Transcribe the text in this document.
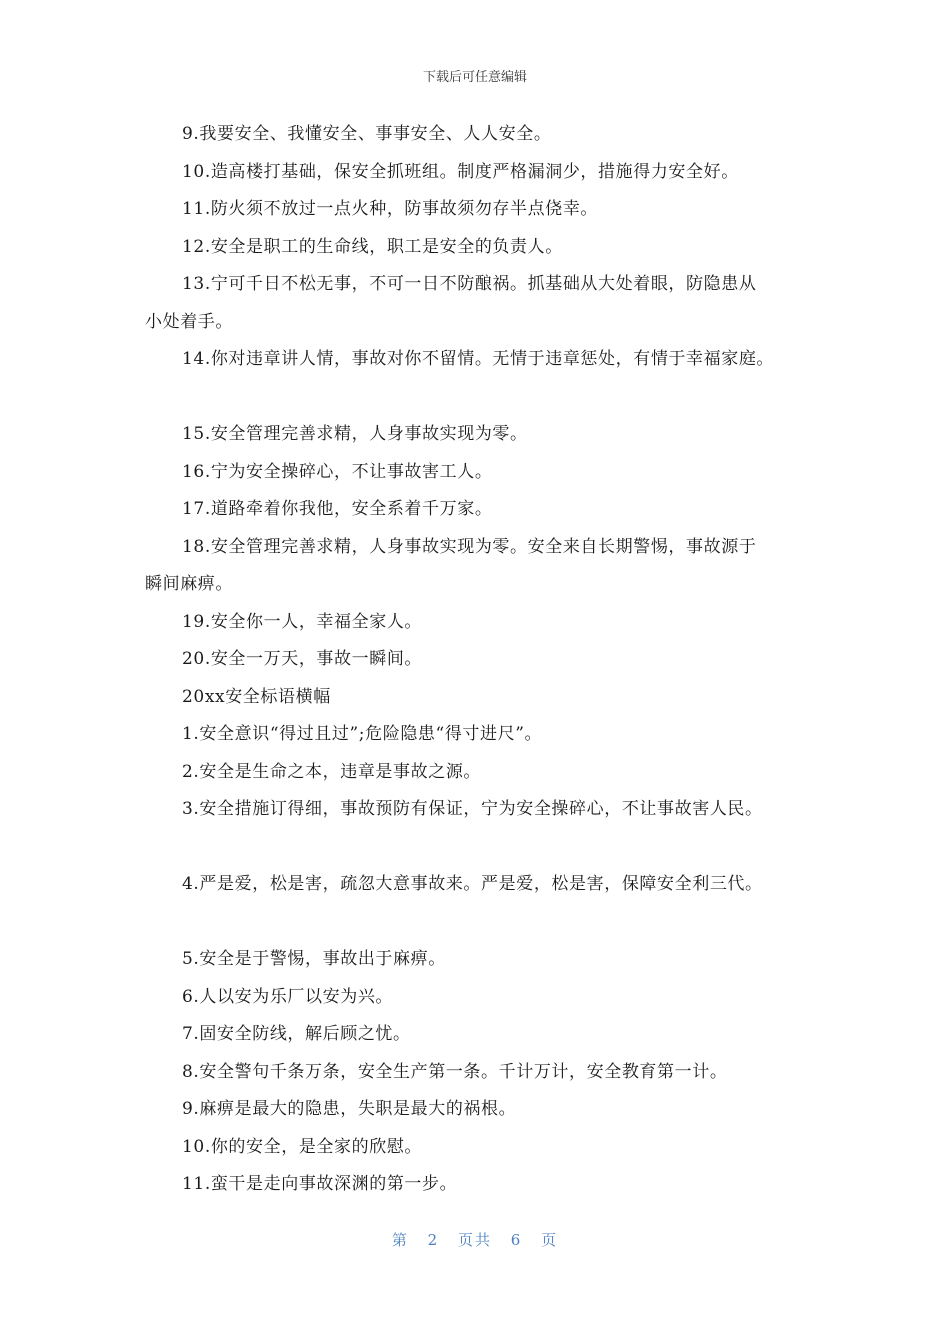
下载后可任意编辑
9.我要安全、我懂安全、事事安全、人人安全。
10.造高楼打基础，保安全抓班组。制度严格漏洞少，措施得力安全好。
11.防火须不放过一点火种，防事故须勿存半点侥幸。
12.安全是职工的生命线，职工是安全的负责人。
13.宁可千日不松无事，不可一日不防酿祸。抓基础从大处着眼，防隐患从
小处着手。
14.你对违章讲人情，事故对你不留情。无情于违章惩处，有情于幸福家庭。
15.安全管理完善求精，人身事故实现为零。
16.宁为安全操碎心，不让事故害工人。
17.道路牵着你我他，安全系着千万家。
18.安全管理完善求精，人身事故实现为零。安全来自长期警惕，事故源于
瞬间麻痹。
19.安全你一人，幸福全家人。
20.安全一万天，事故一瞬间。
20xx安全标语横幅
1.安全意识“得过且过”;危险隐患“得寸进尺”。
2.安全是生命之本，违章是事故之源。
3.安全措施订得细，事故预防有保证，宁为安全操碎心，不让事故害人民。
4.严是爱，松是害，疏忽大意事故来。严是爱，松是害，保障安全利三代。
5.安全是于警惕，事故出于麻痹。
6.人以安为乐厂以安为兴。
7.固安全防线，解后顾之忧。
8.安全警句千条万条，安全生产第一条。千计万计，安全教育第一计。
9.麻痹是最大的隐患，失职是最大的祸根。
10.你的安全，是全家的欣慰。
11.蛮干是走向事故深渊的第一步。
第 2 页共 6 页
